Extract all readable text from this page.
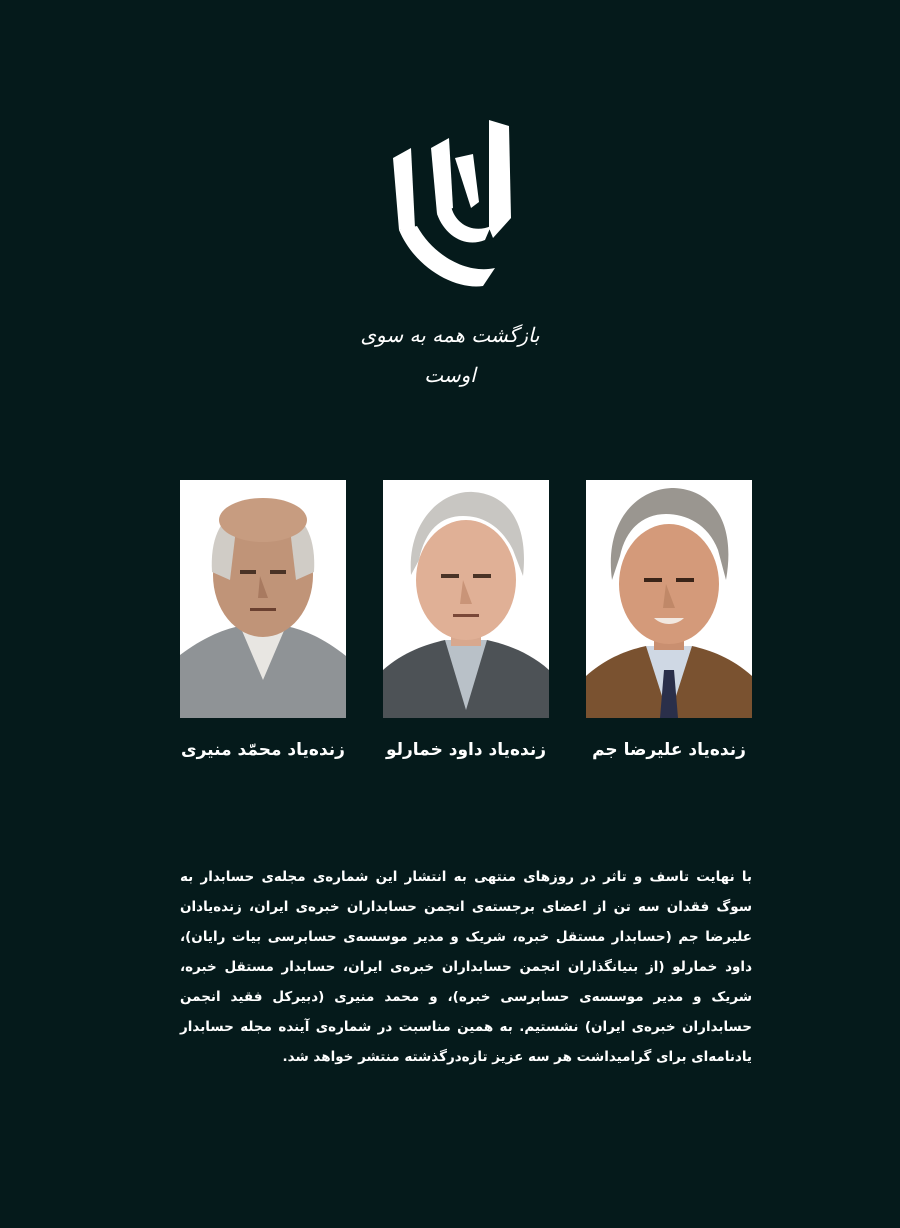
بازگشت همه به سوی اوست
زنده‌یاد محمّد منیری	زنده‌یاد داود خمارلو	زنده‌یاد علیرضا جم
با نهایت تاسف و تاثر در روزهای منتهی به انتشار این شماره‌ی مجله‌ی حسابدار به سوگ فقدان سه تن از اعضای برجسته‌ی انجمن حسابداران خبره‌ی ایران، زنده‌یادان علیرضا جم (حسابدار مستقل خبره، شریک و مدیر موسسه‌ی حسابرسی بیات رایان)، داود خمارلو (از بنیانگذاران انجمن حسابداران خبره‌ی ایران، حسابدار مستقل خبره، شریک و مدیر موسسه‌ی حسابرسی خبره)، و محمد منیری (دبیرکل فقید انجمن حسابداران خبره‌ی ایران) نشستیم. به همین مناسبت در شماره‌ی آینده مجله حسابدار یادنامه‌ای برای گرامیداشت هر سه عزیز تازه‌درگذشته منتشر خواهد شد.
